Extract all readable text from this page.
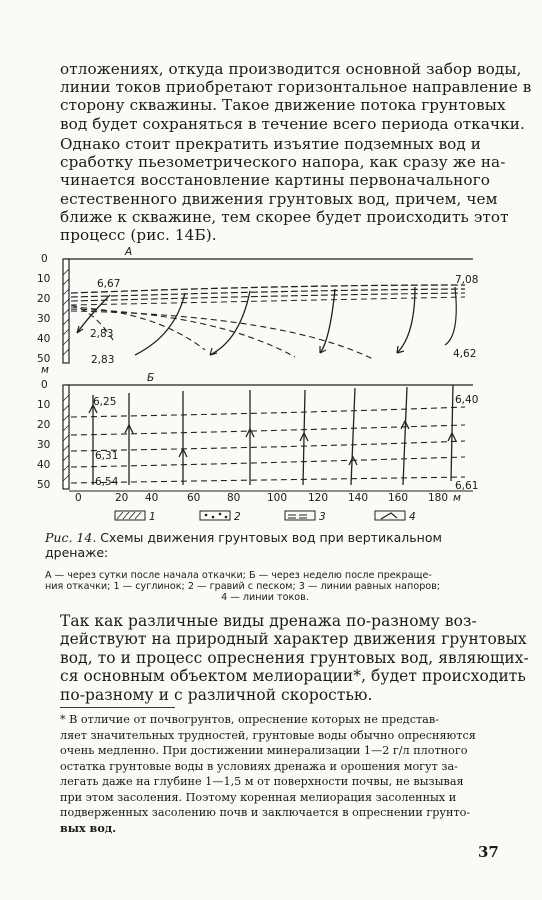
отложениях, откуда производится основной забор воды,
линии токов приобретают горизонтальное направление в
сторону скважины. Такое движение потока грунтовых
вод будет сохраняться в течение всего периода откачки.
Однако стоит прекратить изъятие подземных вод и
сработку пьезометрического напора, как сразу же на-
чинается восстановление картины первоначального
естественного движения грунтовых вод, причем, чем
ближе к скважине, тем скорее будет происходить этот
процесс (рис. 14Б).
А
0
10
20
30
40
50
м
6,67
2,83
2,83
7,08
4,62
Б
0
10
20
30
40
50
6,25
6,31
6,54
6,40
6,61
0	20 40	60	80	100 120 140 160 180 м
1	2	3	4
Рис. 14. Схемы движения грунтовых вод при вертикальном дренаже:
А — через сутки после начала откачки; Б — через неделю после прекраще-
ния откачки; 1 — суглинок; 2 — гравий с песком; 3 — линии равных напоров;
4 — линии токов.
Так как различные виды дренажа по-разному воз-
действуют на природный характер движения грунтовых
вод, то и процесс опреснения грунтовых вод, являющих-
ся основным объектом мелиорации*, будет происходить
по-разному и с различной скоростью.
* В отличие от почвогрунтов, опреснение которых не представ-
ляет значительных трудностей, грунтовые воды обычно опресняются
очень медленно. При достижении минерализации 1—2 г/л плотного
остатка грунтовые воды в условиях дренажа и орошения могут за-
легать даже на глубине 1—1,5 м от поверхности почвы, не вызывая
при этом засоления. Поэтому коренная мелиорация засоленных и
подверженных засолению почв и заключается в опреснении грунто-
вых вод.
37
